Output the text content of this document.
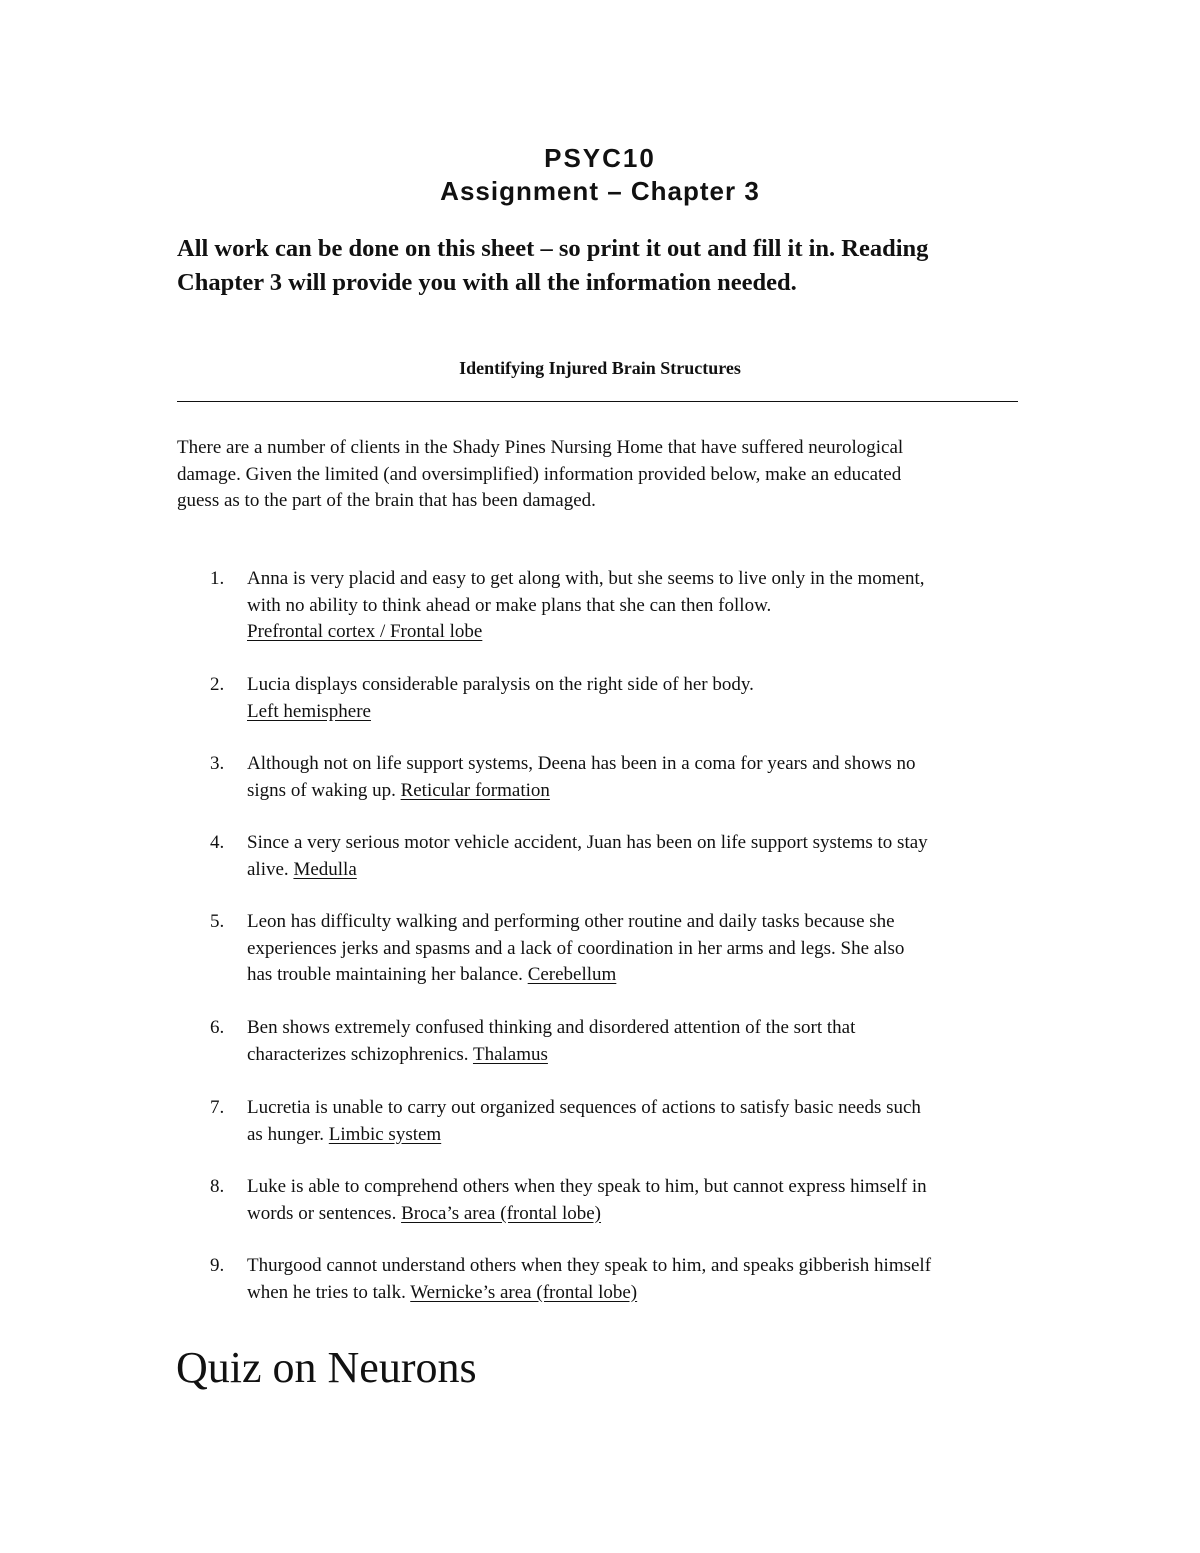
PSYC10
Assignment – Chapter 3

All work can be done on this sheet – so print it out and fill it in. Reading
Chapter 3 will provide you with all the information needed.

Identifying Injured Brain Structures

There are a number of clients in the Shady Pines Nursing Home that have suffered neurological
damage. Given the limited (and oversimplified) information provided below, make an educated
guess as to the part of the brain that has been damaged.

1.	Anna is very placid and easy to get along with, but she seems to live only in the moment,
with no ability to think ahead or make plans that she can then follow.
Prefrontal cortex / Frontal lobe
2.	Lucia displays considerable paralysis on the right side of her body.
Left hemisphere
3.	Although not on life support systems, Deena has been in a coma for years and shows no
signs of waking up. Reticular formation
4.	Since a very serious motor vehicle accident, Juan has been on life support systems to stay
alive. Medulla
5.	Leon has difficulty walking and performing other routine and daily tasks because she
experiences jerks and spasms and a lack of coordination in her arms and legs. She also
has trouble maintaining her balance. Cerebellum
6.	Ben shows extremely confused thinking and disordered attention of the sort that
characterizes schizophrenics. Thalamus
7.	Lucretia is unable to carry out organized sequences of actions to satisfy basic needs such
as hunger. Limbic system
8.	Luke is able to comprehend others when they speak to him, but cannot express himself in
words or sentences. Broca’s area (frontal lobe)
9.	Thurgood cannot understand others when they speak to him, and speaks gibberish himself
when he tries to talk. Wernicke’s area (frontal lobe)
Quiz on Neurons
